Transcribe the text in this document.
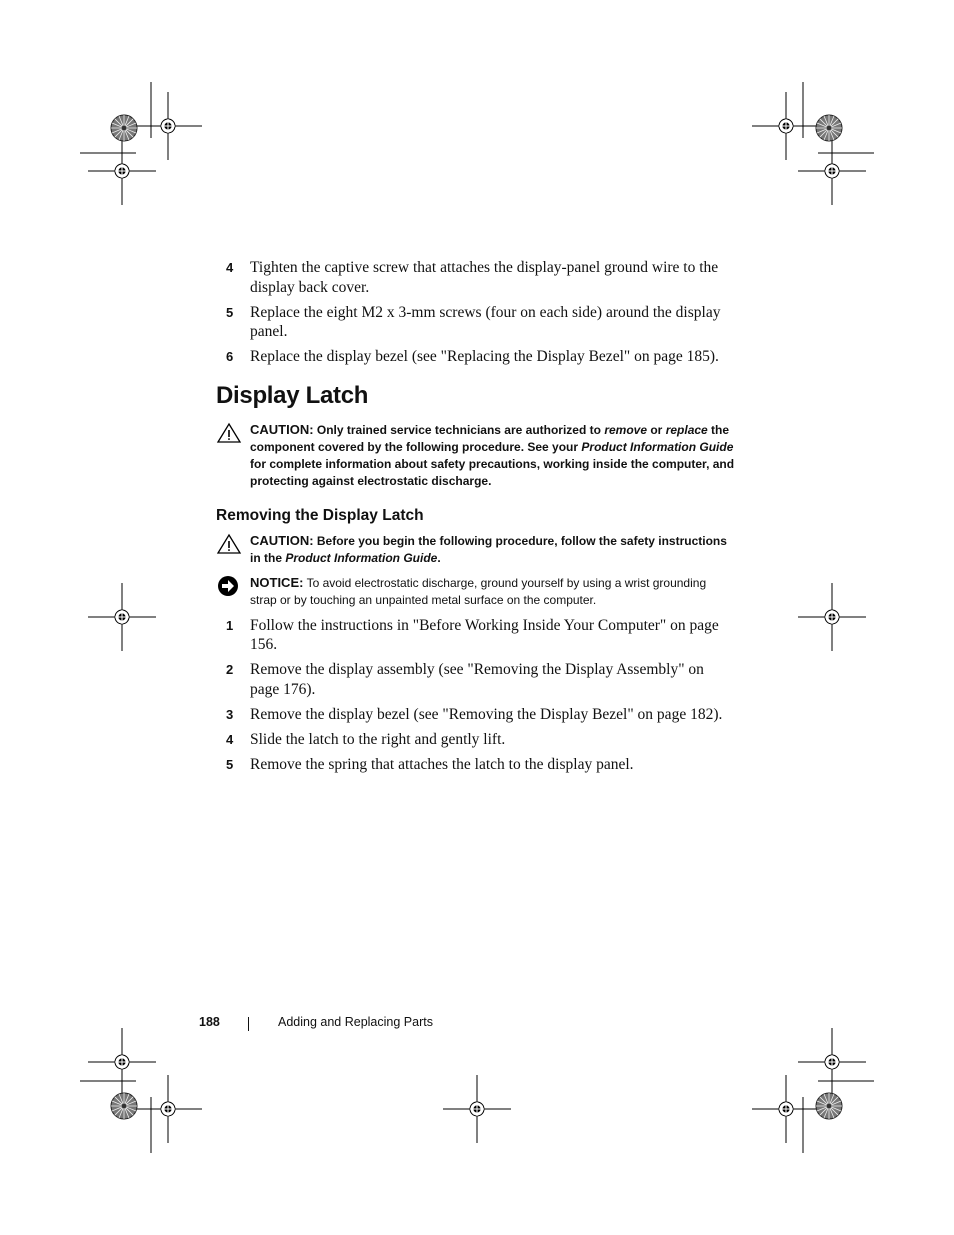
4 Tighten the captive screw that attaches the display-panel ground wire to the display back cover.
5 Replace the eight M2 x 3-mm screws (four on each side) around the display panel.
6 Replace the display bezel (see "Replacing the Display Bezel" on page 185).
Display Latch
CAUTION: Only trained service technicians are authorized to remove or replace the component covered by the following procedure. See your Product Information Guide for complete information about safety precautions, working inside the computer, and protecting against electrostatic discharge.
Removing the Display Latch
CAUTION: Before you begin the following procedure, follow the safety instructions in the Product Information Guide.
NOTICE: To avoid electrostatic discharge, ground yourself by using a wrist grounding strap or by touching an unpainted metal surface on the computer.
1 Follow the instructions in "Before Working Inside Your Computer" on page 156.
2 Remove the display assembly (see "Removing the Display Assembly" on page 176).
3 Remove the display bezel (see "Removing the Display Bezel" on page 182).
4 Slide the latch to the right and gently lift.
5 Remove the spring that attaches the latch to the display panel.
188	Adding and Replacing Parts
